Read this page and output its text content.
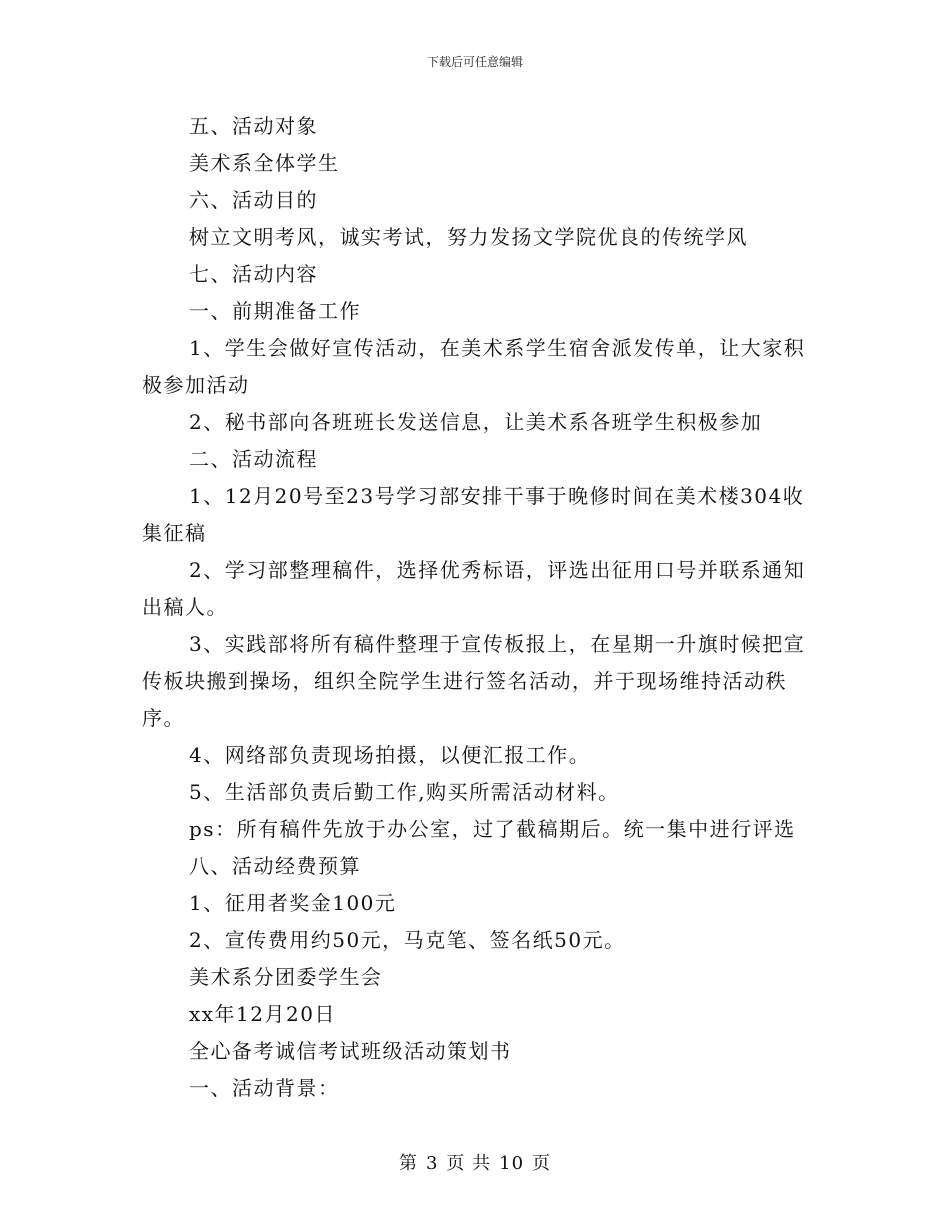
下载后可任意编辑

五、活动对象

美术系全体学生

六、活动目的

树立文明考风，诚实考试，努力发扬文学院优良的传统学风

七、活动内容

一、前期准备工作

1、学生会做好宣传活动，在美术系学生宿舍派发传单，让大家积极参加活动

2、秘书部向各班班长发送信息，让美术系各班学生积极参加

二、活动流程

1、12月20号至23号学习部安排干事于晚修时间在美术楼304收集征稿

2、学习部整理稿件，选择优秀标语，评选出征用口号并联系通知出稿人。

3、实践部将所有稿件整理于宣传板报上，在星期一升旗时候把宣传板块搬到操场，组织全院学生进行签名活动，并于现场维持活动秩序。

4、网络部负责现场拍摄，以便汇报工作。

5、生活部负责后勤工作,购买所需活动材料。

ps：所有稿件先放于办公室，过了截稿期后。统一集中进行评选

八、活动经费预算

1、征用者奖金100元

2、宣传费用约50元，马克笔、签名纸50元。

美术系分团委学生会

xx年12月20日

全心备考诚信考试班级活动策划书

一、活动背景：

第 3 页 共 10 页
